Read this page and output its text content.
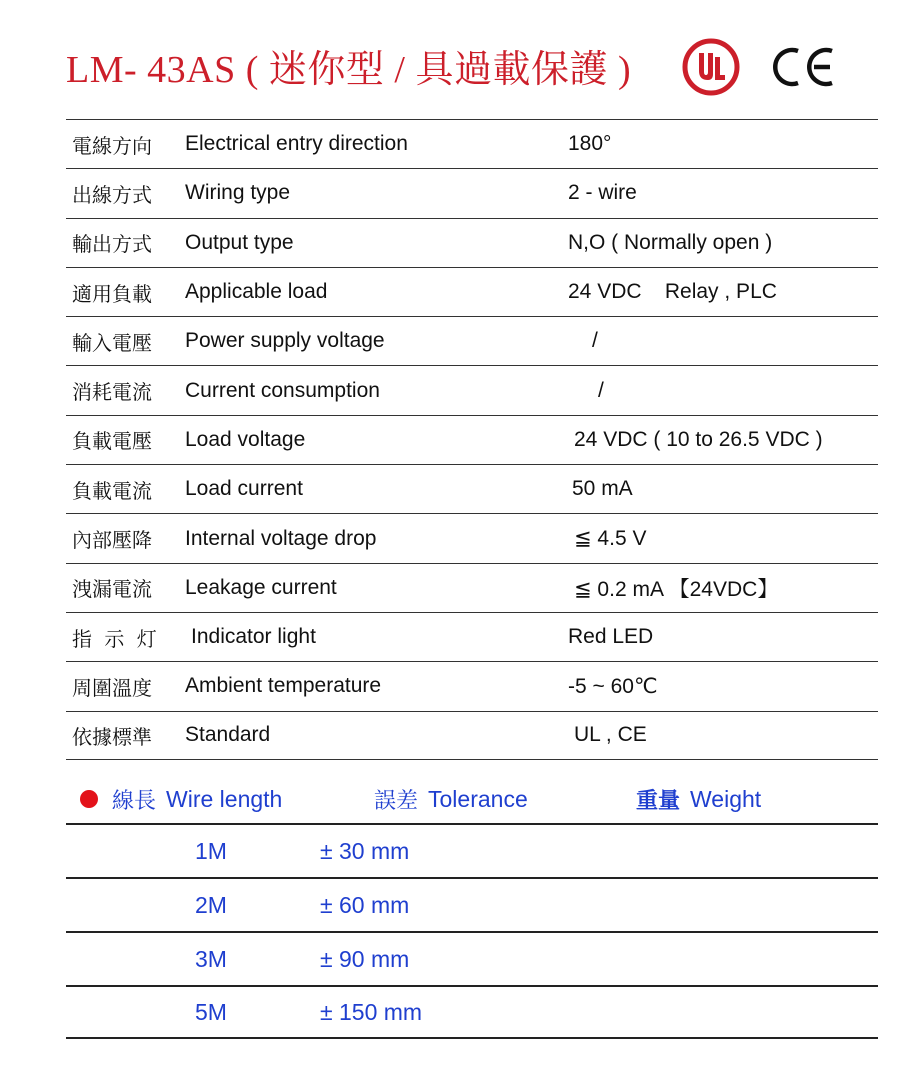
LM- 43AS ( 迷你型 / 具過載保護 )
電線方向	Electrical entry direction	180°
出線方式	Wiring type	2 - wire
輸出方式	Output type	N,O ( Normally open )
適用負載	Applicable load	24 VDC    Relay , PLC
輸入電壓	Power supply voltage	/
消耗電流	Current consumption	/
負載電壓	Load voltage	24 VDC ( 10 to 26.5 VDC )
負載電流	Load current	50 mA
內部壓降	Internal voltage drop	≦ 4.5 V
洩漏電流	Leakage current	≦ 0.2 mA 【24VDC】
指 示 灯	Indicator light	Red LED
周圍溫度	Ambient temperature	-5 ~ 60℃
依據標準	Standard	UL , CE
線長 Wire length	誤差 Tolerance	重量 Weight
1M	± 30 mm
2M	± 60 mm
3M	± 90 mm
5M	± 150 mm
